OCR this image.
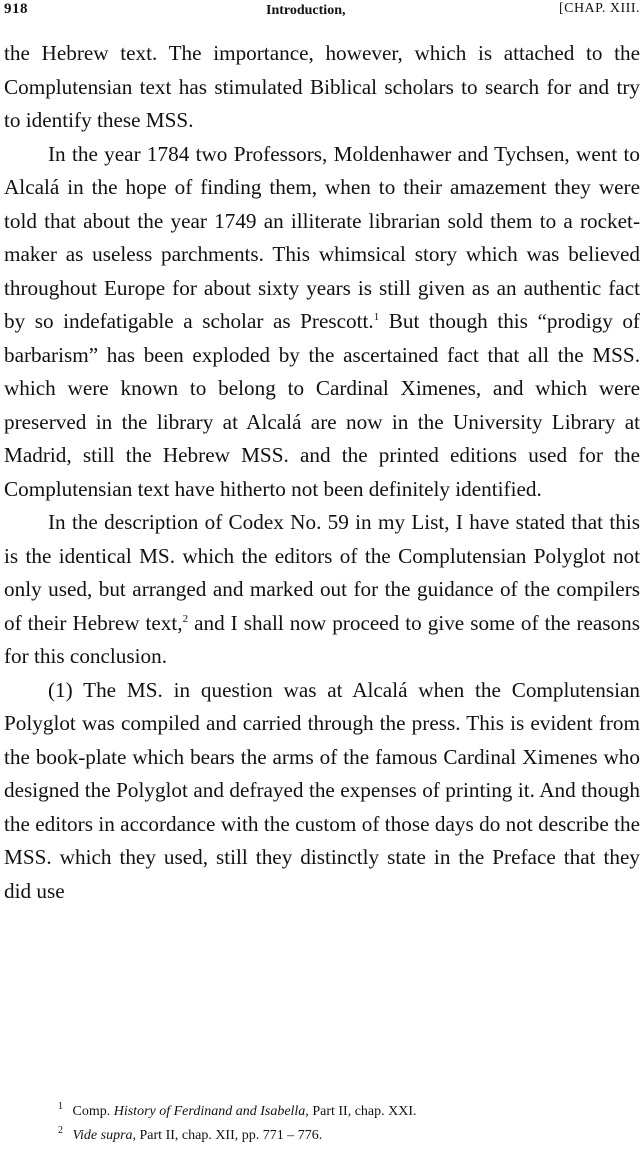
918	Introduction,	[CHAP. XIII.

the Hebrew text. The importance, however, which is attached to the Complutensian text has stimulated Biblical scholars to search for and try to identify these MSS.

In the year 1784 two Professors, Moldenhawer and Tychsen, went to Alcalá in the hope of finding them, when to their amazement they were told that about the year 1749 an illiterate librarian sold them to a rocket-maker as useless parchments. This whimsical story which was believed throughout Europe for about sixty years is still given as an authentic fact by so indefatigable a scholar as Prescott.$^1$ But though this “prodigy of barbarism” has been exploded by the ascertained fact that all the MSS. which were known to belong to Cardinal Ximenes, and which were preserved in the library at Alcalá are now in the University Library at Madrid, still the Hebrew MSS. and the printed editions used for the Complutensian text have hitherto not been definitely identified.

In the description of Codex No. 59 in my List, I have stated that this is the identical MS. which the editors of the Complutensian Polyglot not only used, but arranged and marked out for the guidance of the compilers of their Hebrew text,$^2$ and I shall now proceed to give some of the reasons for this conclusion.

(1) The MS. in question was at Alcalá when the Complutensian Polyglot was compiled and carried through the press. This is evident from the book-plate which bears the arms of the famous Cardinal Ximenes who designed the Polyglot and defrayed the expenses of printing it. And though the editors in accordance with the custom of those days do not describe the MSS. which they used, still they distinctly state in the Preface that they did use

$^1$ Comp. History of Ferdinand and Isabella, Part II, chap. XXI.
$^2$ Vide supra, Part II, chap. XII, pp. 771 – 776.
